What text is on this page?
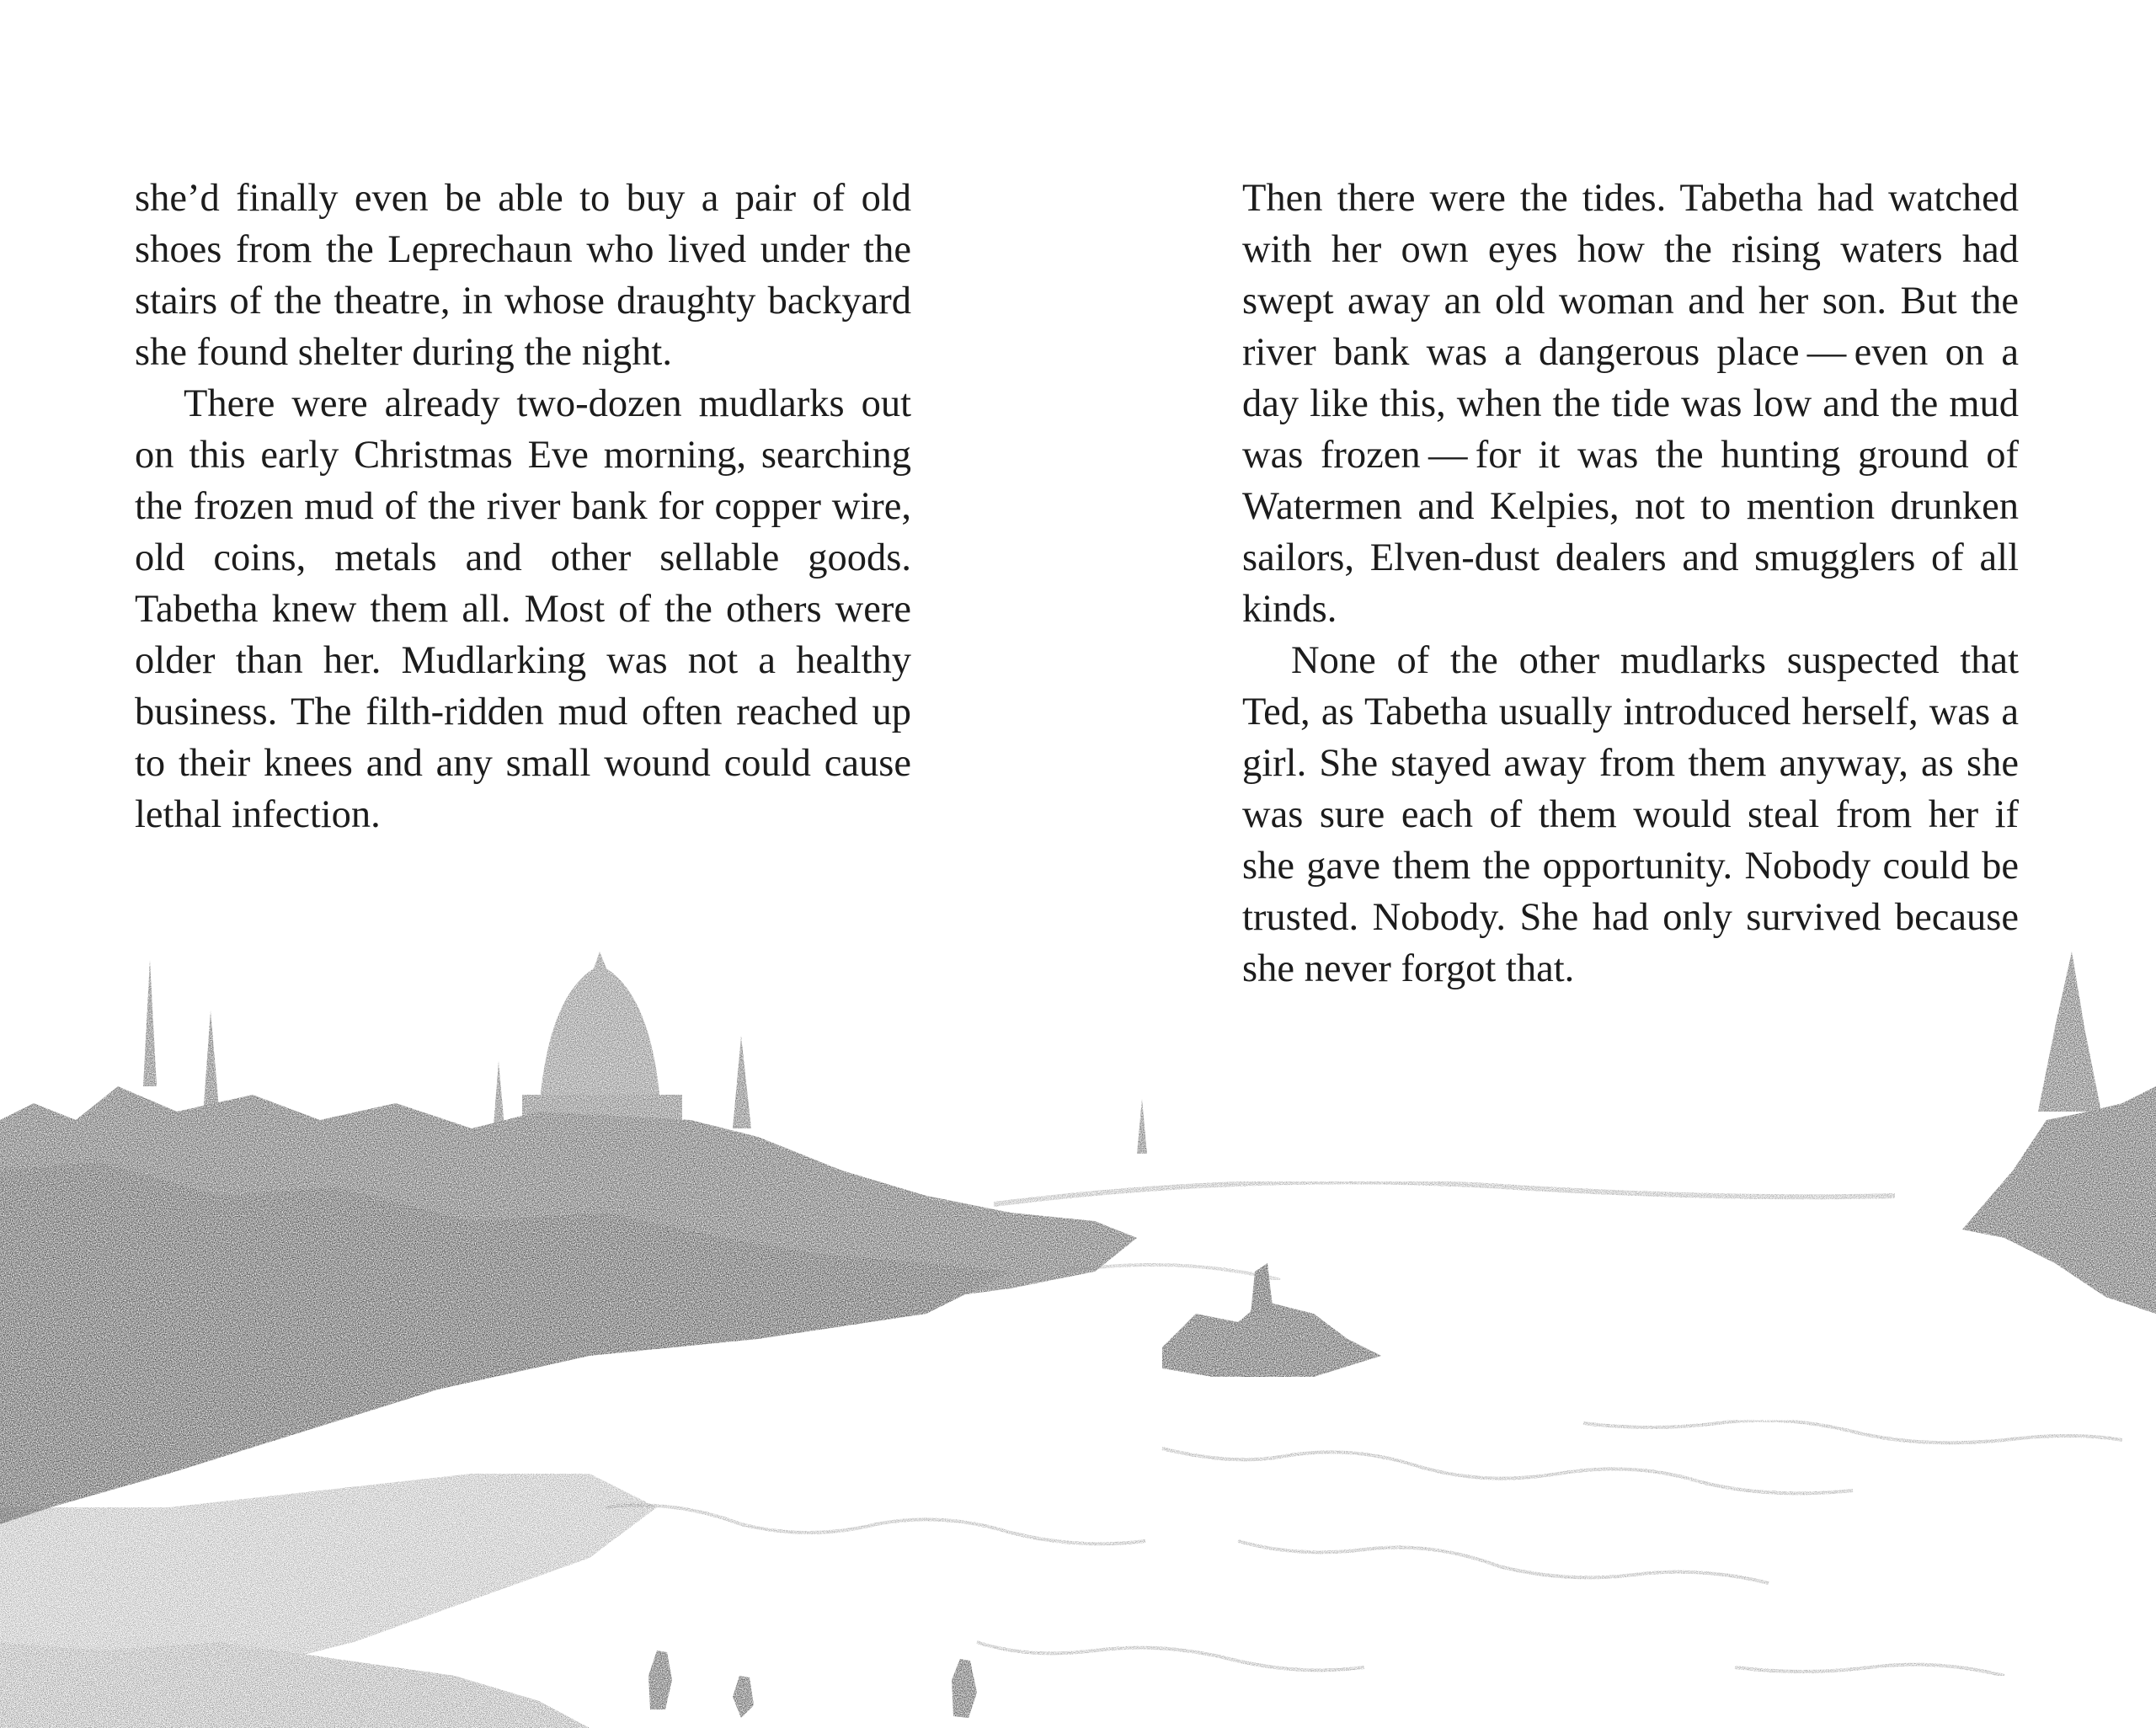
she’d finally even be able to buy a pair of old shoes from the Leprechaun who lived under the stairs of the theatre, in whose draughty backyard she found shelter during the night.

There were already two-dozen mudlarks out on this early Christmas Eve morning, searching the frozen mud of the river bank for copper wire, old coins, metals and other sellable goods. Tabetha knew them all. Most of the others were older than her. Mudlarking was not a healthy business. The filth-ridden mud often reached up to their knees and any small wound could cause lethal infection.

Then there were the tides. Tabetha had watched with her own eyes how the rising waters had swept away an old woman and her son. But the river bank was a dangerous place — even on a day like this, when the tide was low and the mud was frozen — for it was the hunting ground of Watermen and Kelpies, not to mention drunken sailors, Elven-dust dealers and smugglers of all kinds.

None of the other mudlarks suspected that Ted, as Tabetha usually introduced herself, was a girl. She stayed away from them anyway, as she was sure each of them would steal from her if she gave them the opportunity. Nobody could be trusted. Nobody. She had only survived because she never forgot that.
